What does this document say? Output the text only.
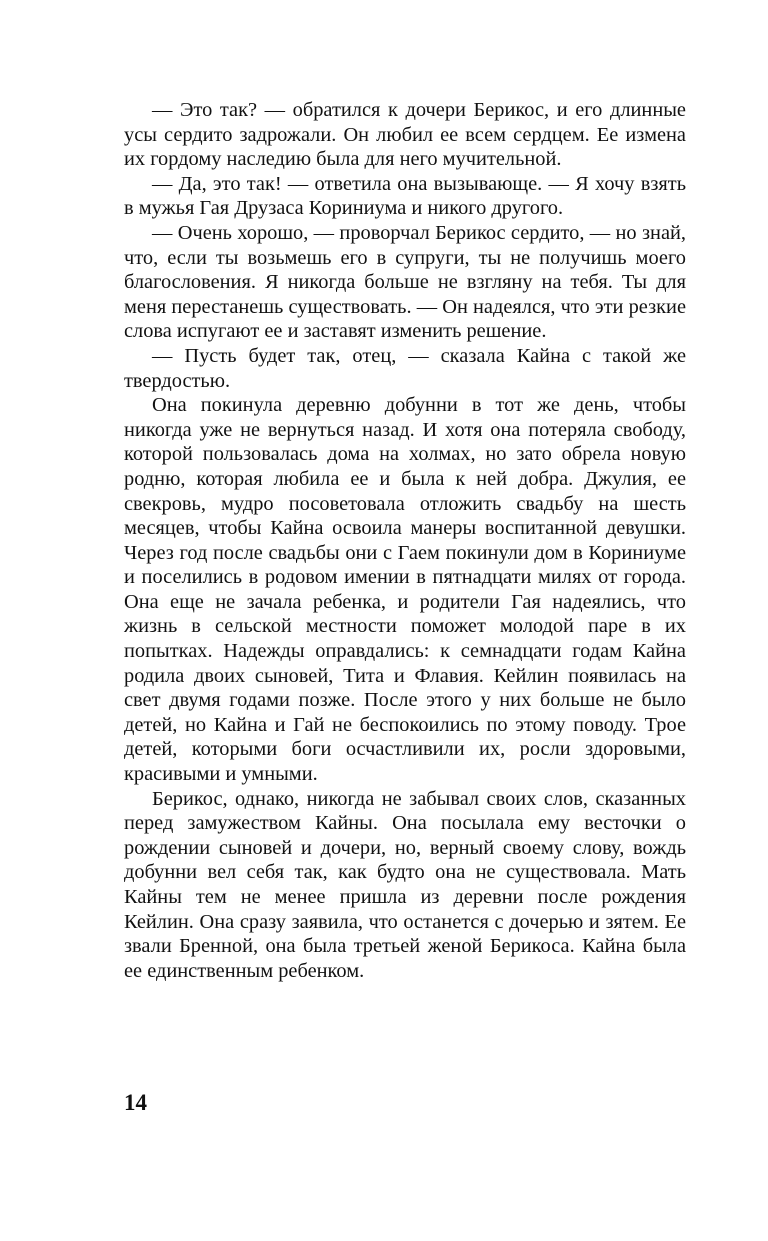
— Это так? — обратился к дочери Берикос, и его длинные усы сердито задрожали. Он любил ее всем сердцем. Ее измена их гордому наследию была для него мучительной.

— Да, это так! — ответила она вызывающе. — Я хочу взять в мужья Гая Друзаса Кориниума и никого другого.

— Очень хорошо, — проворчал Берикос сердито, — но знай, что, если ты возьмешь его в супруги, ты не получишь моего благословения. Я никогда больше не взгляну на тебя. Ты для меня перестанешь существовать. — Он надеялся, что эти резкие слова испугают ее и заставят изменить решение.

— Пусть будет так, отец, — сказала Кайна с такой же твердостью.

Она покинула деревню добунни в тот же день, чтобы никогда уже не вернуться назад. И хотя она потеряла свободу, которой пользовалась дома на холмах, но зато обрела новую родню, которая любила ее и была к ней добра. Джулия, ее свекровь, мудро посоветовала отложить свадьбу на шесть месяцев, чтобы Кайна освоила манеры воспитанной девушки. Через год после свадьбы они с Гаем покинули дом в Кориниуме и поселились в родовом имении в пятнадцати милях от города. Она еще не зачала ребенка, и родители Гая надеялись, что жизнь в сельской местности поможет молодой паре в их попытках. Надежды оправдались: к семнадцати годам Кайна родила двоих сыновей, Тита и Флавия. Кейлин появилась на свет двумя годами позже. После этого у них больше не было детей, но Кайна и Гай не беспокоились по этому поводу. Трое детей, которыми боги осчастливили их, росли здоровыми, красивыми и умными.

Берикос, однако, никогда не забывал своих слов, сказанных перед замужеством Кайны. Она посылала ему весточки о рождении сыновей и дочери, но, верный своему слову, вождь добунни вел себя так, как будто она не существовала. Мать Кайны тем не менее пришла из деревни после рождения Кейлин. Она сразу заявила, что останется с дочерью и зятем. Ее звали Бренной, она была третьей женой Берикоса. Кайна была ее единственным ребенком.

14
